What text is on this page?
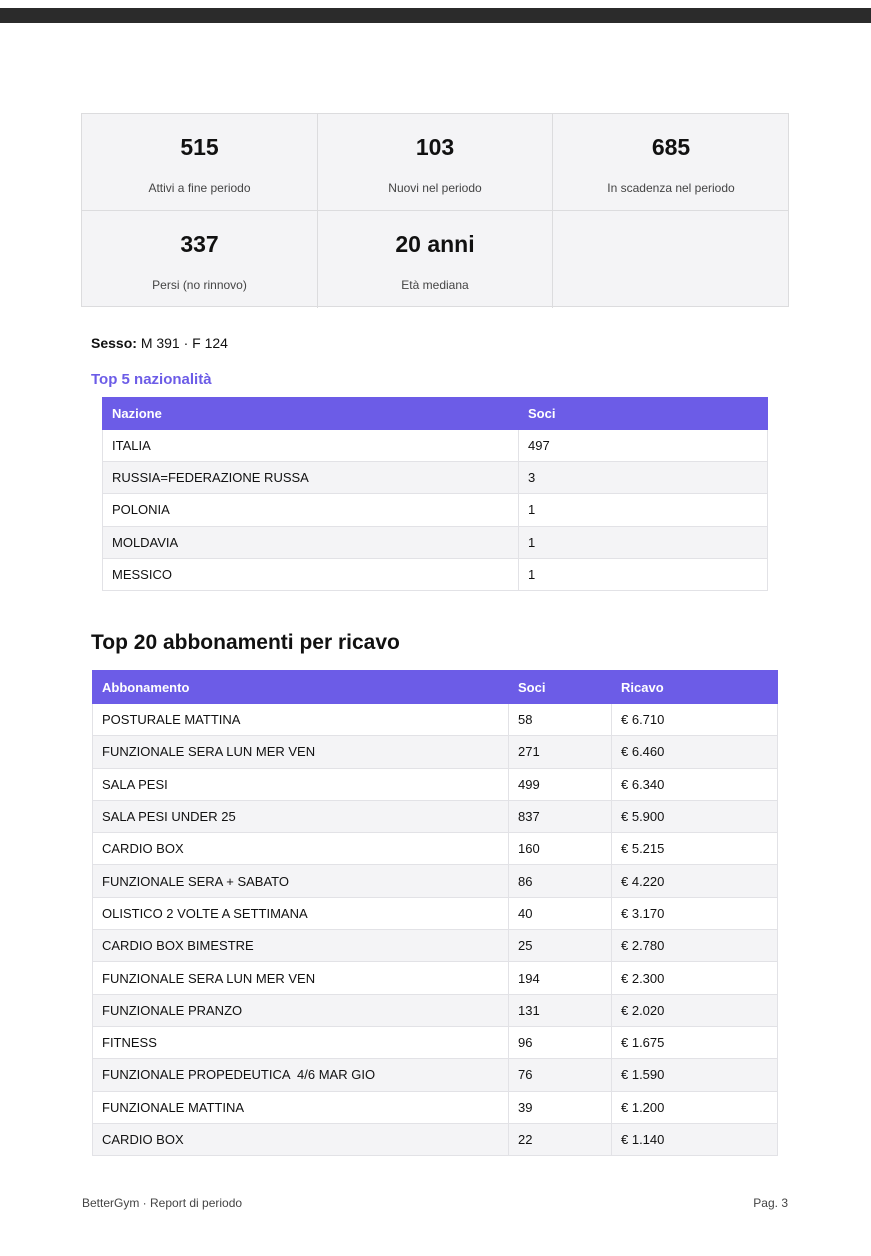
515
Attivi a fine periodo
103
Nuovi nel periodo
685
In scadenza nel periodo
337
Persi (no rinnovo)
20 anni
Età mediana
Sesso: M 391 · F 124
Top 5 nazionalità
Nazione	Soci
ITALIA	497
RUSSIA=FEDERAZIONE RUSSA	3
POLONIA	1
MOLDAVIA	1
MESSICO	1
Top 20 abbonamenti per ricavo
Abbonamento	Soci	Ricavo
POSTURALE MATTINA	58	€ 6.710
FUNZIONALE SERA LUN MER VEN	271	€ 6.460
SALA PESI	499	€ 6.340
SALA PESI UNDER 25	837	€ 5.900
CARDIO BOX	160	€ 5.215
FUNZIONALE SERA + SABATO	86	€ 4.220
OLISTICO 2 VOLTE A SETTIMANA	40	€ 3.170
CARDIO BOX BIMESTRE	25	€ 2.780
FUNZIONALE SERA LUN MER VEN	194	€ 2.300
FUNZIONALE PRANZO	131	€ 2.020
FITNESS	96	€ 1.675
FUNZIONALE PROPEDEUTICA  4/6 MAR GIO	76	€ 1.590
FUNZIONALE MATTINA	39	€ 1.200
CARDIO BOX	22	€ 1.140
BetterGym · Report di periodo	Pag. 3
